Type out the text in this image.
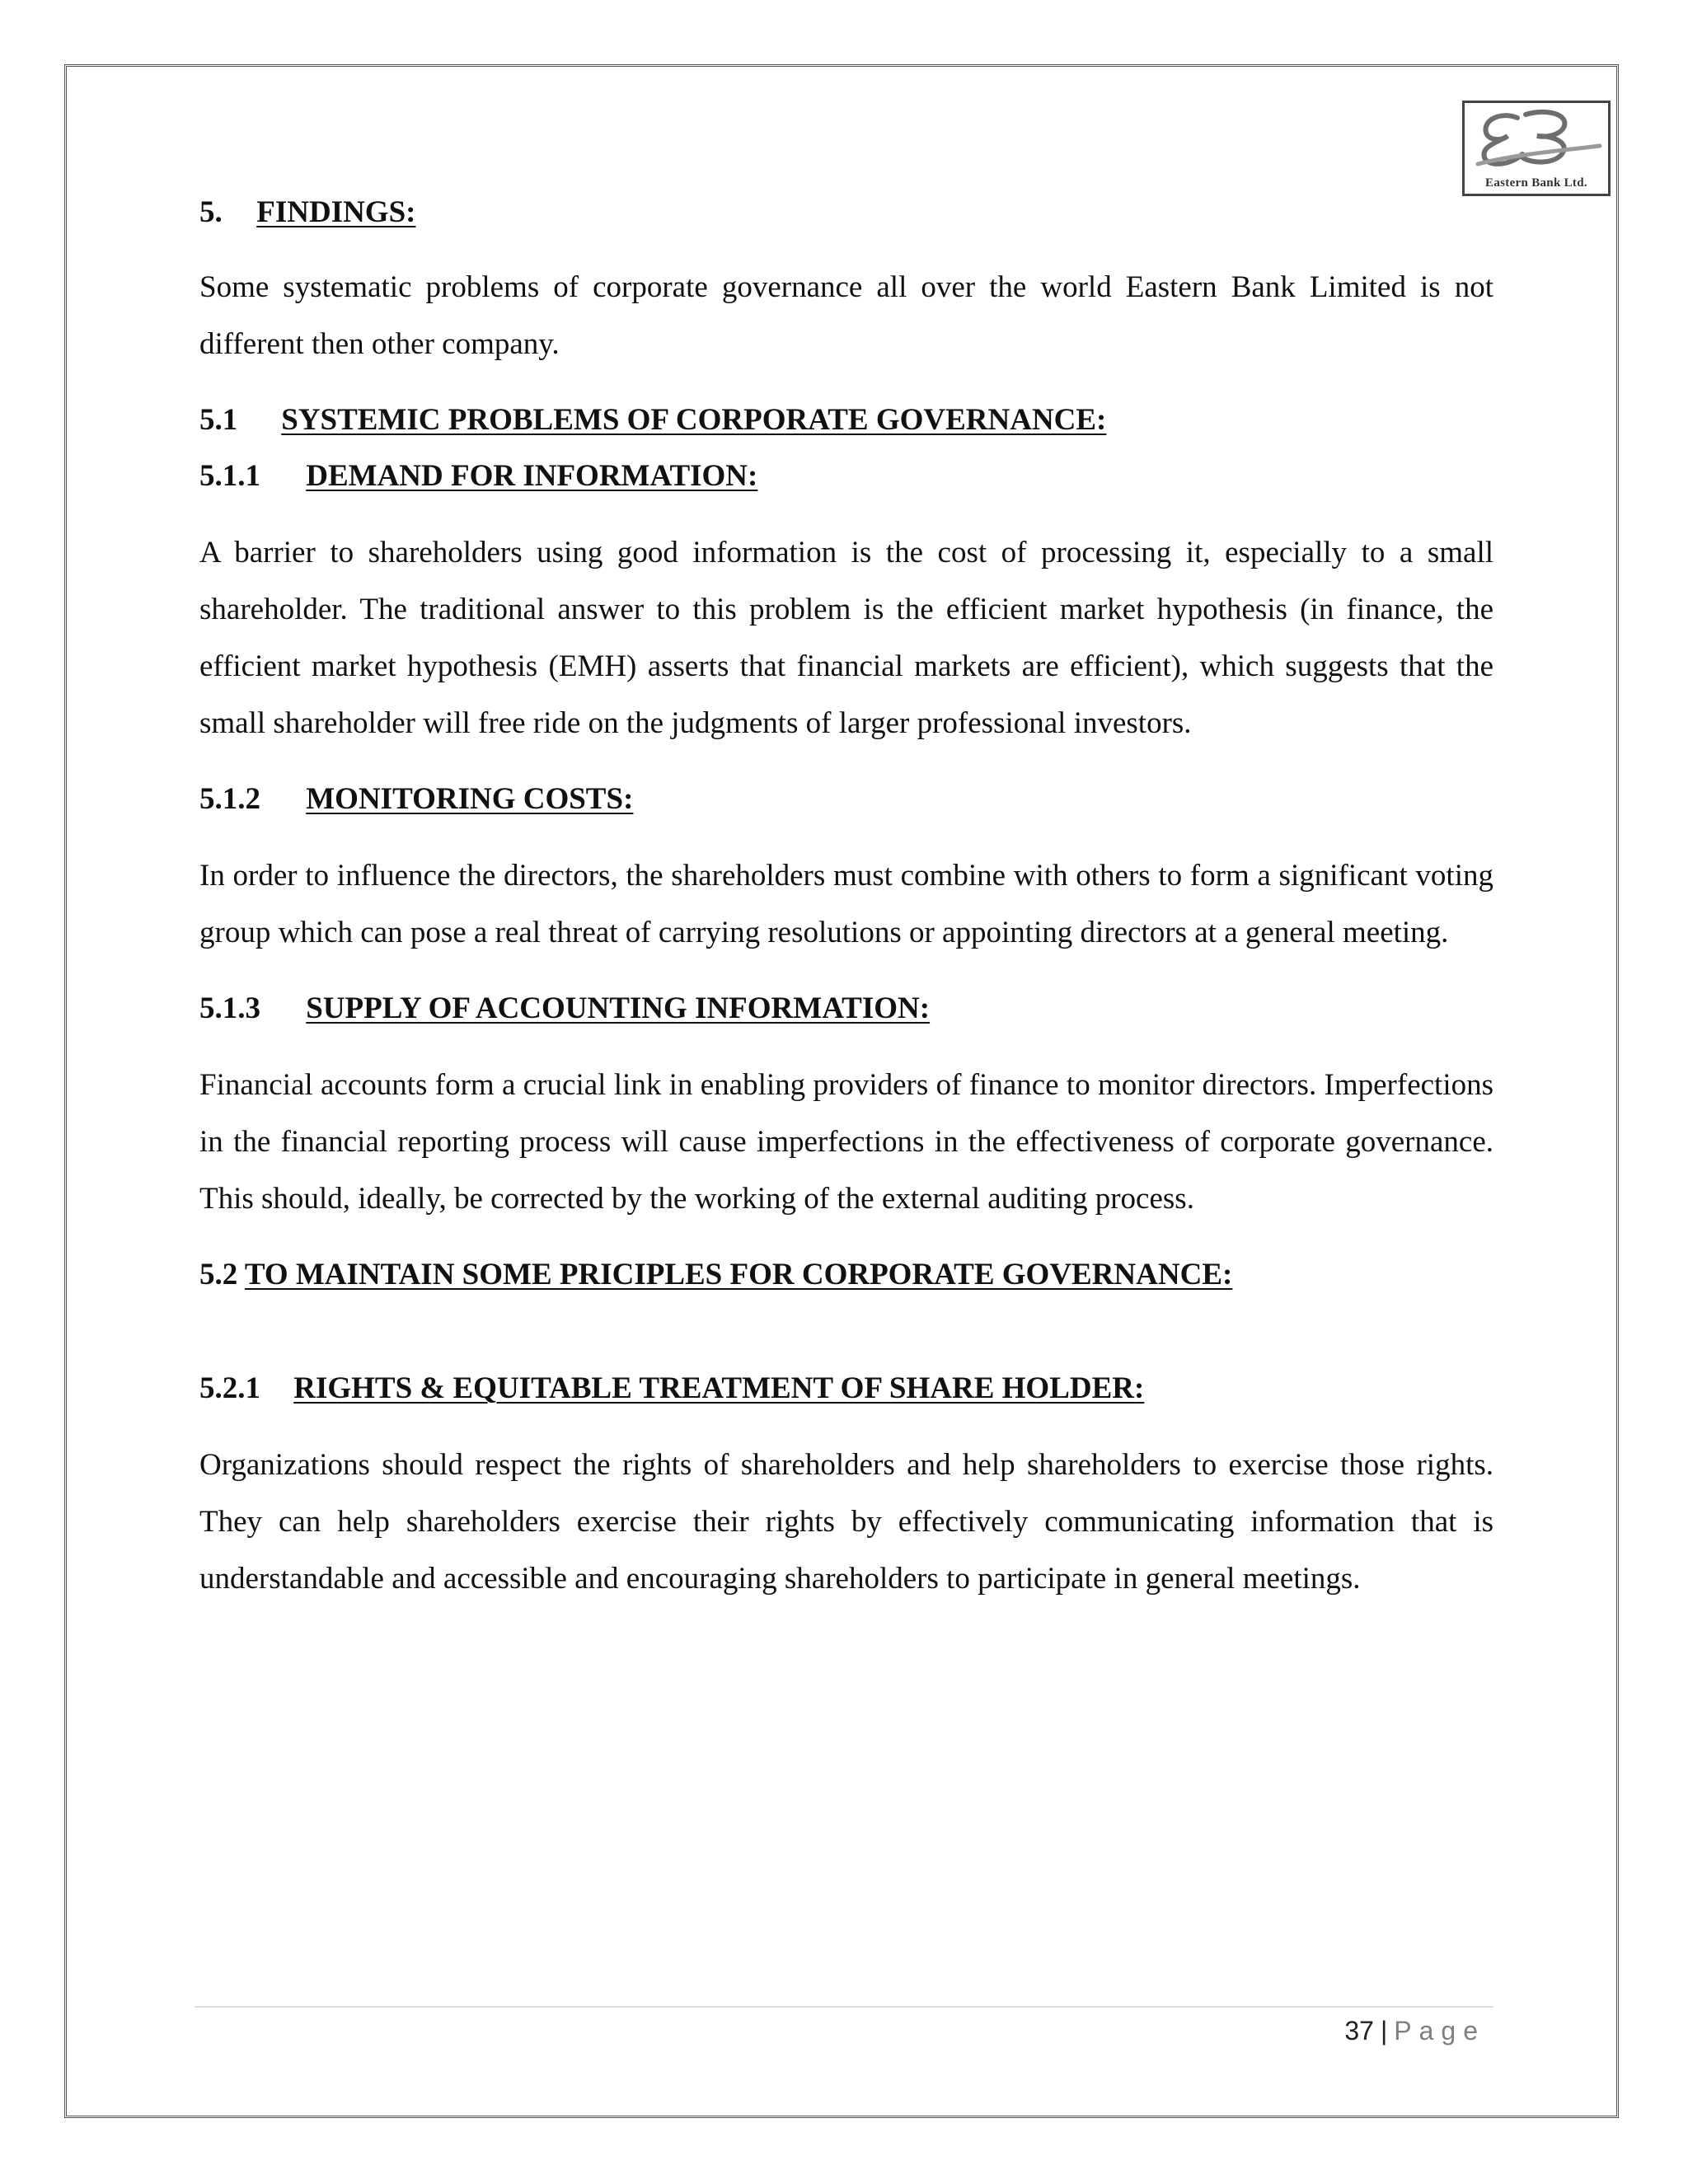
Eastern Bank Ltd.
5. FINDINGS:

Some systematic problems of corporate governance all over the world Eastern Bank Limited is not different then other company.

5.1 SYSTEMIC PROBLEMS OF CORPORATE GOVERNANCE:
5.1.1 DEMAND FOR INFORMATION:

A barrier to shareholders using good information is the cost of processing it, especially to a small shareholder. The traditional answer to this problem is the efficient market hypothesis (in finance, the efficient market hypothesis (EMH) asserts that financial markets are efficient), which suggests that the small shareholder will free ride on the judgments of larger professional investors.

5.1.2 MONITORING COSTS:

In order to influence the directors, the shareholders must combine with others to form a significant voting group which can pose a real threat of carrying resolutions or appointing directors at a general meeting.

5.1.3 SUPPLY OF ACCOUNTING INFORMATION:

Financial accounts form a crucial link in enabling providers of finance to monitor directors. Imperfections in the financial reporting process will cause imperfections in the effectiveness of corporate governance. This should, ideally, be corrected by the working of the external auditing process.

5.2 TO MAINTAIN SOME PRICIPLES FOR CORPORATE GOVERNANCE:
5.2.1 RIGHTS & EQUITABLE TREATMENT OF SHARE HOLDER:

Organizations should respect the rights of shareholders and help shareholders to exercise those rights. They can help shareholders exercise their rights by effectively communicating information that is understandable and accessible and encouraging shareholders to participate in general meetings.

37 | Page
